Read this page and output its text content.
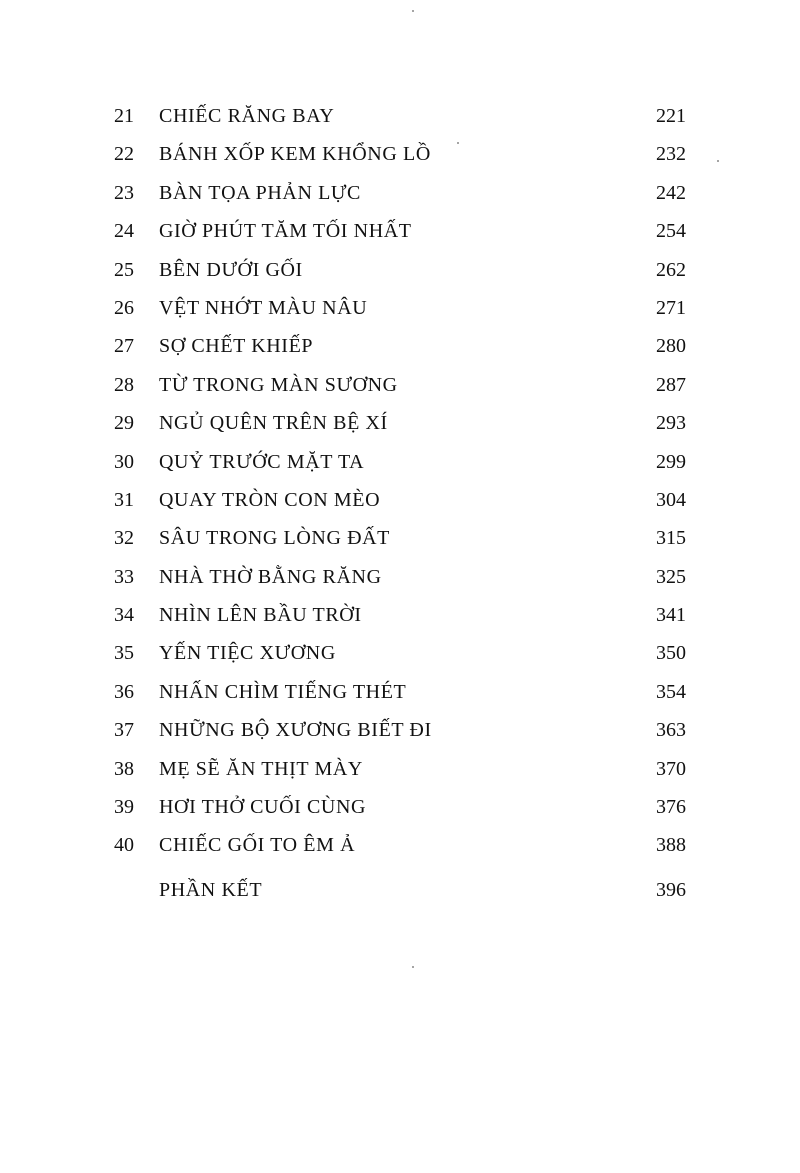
21	CHIẾC RĂNG BAY	221
22	BÁNH XỐP KEM KHỔNG LỒ	232
23	BÀN TỌA PHẢN LỰC	242
24	GIỜ PHÚT TĂM TỐI NHẤT	254
25	BÊN DƯỚI GỐI	262
26	VỆT NHỚT MÀU NÂU	271
27	SỢ CHẾT KHIẾP	280
28	TỪ TRONG MÀN SƯƠNG	287
29	NGỦ QUÊN TRÊN BỆ XÍ	293
30	QUỶ TRƯỚC MẶT TA	299
31	QUAY TRÒN CON MÈO	304
32	SÂU TRONG LÒNG ĐẤT	315
33	NHÀ THỜ BẰNG RĂNG	325
34	NHÌN LÊN BẦU TRỜI	341
35	YẾN TIỆC XƯƠNG	350
36	NHẤN CHÌM TIẾNG THÉT	354
37	NHỮNG BỘ XƯƠNG BIẾT ĐI	363
38	MẸ SẼ ĂN THỊT MÀY	370
39	HƠI THỞ CUỐI CÙNG	376
40	CHIẾC GỐI TO ÊM Ả	388
PHẦN KẾT	396
